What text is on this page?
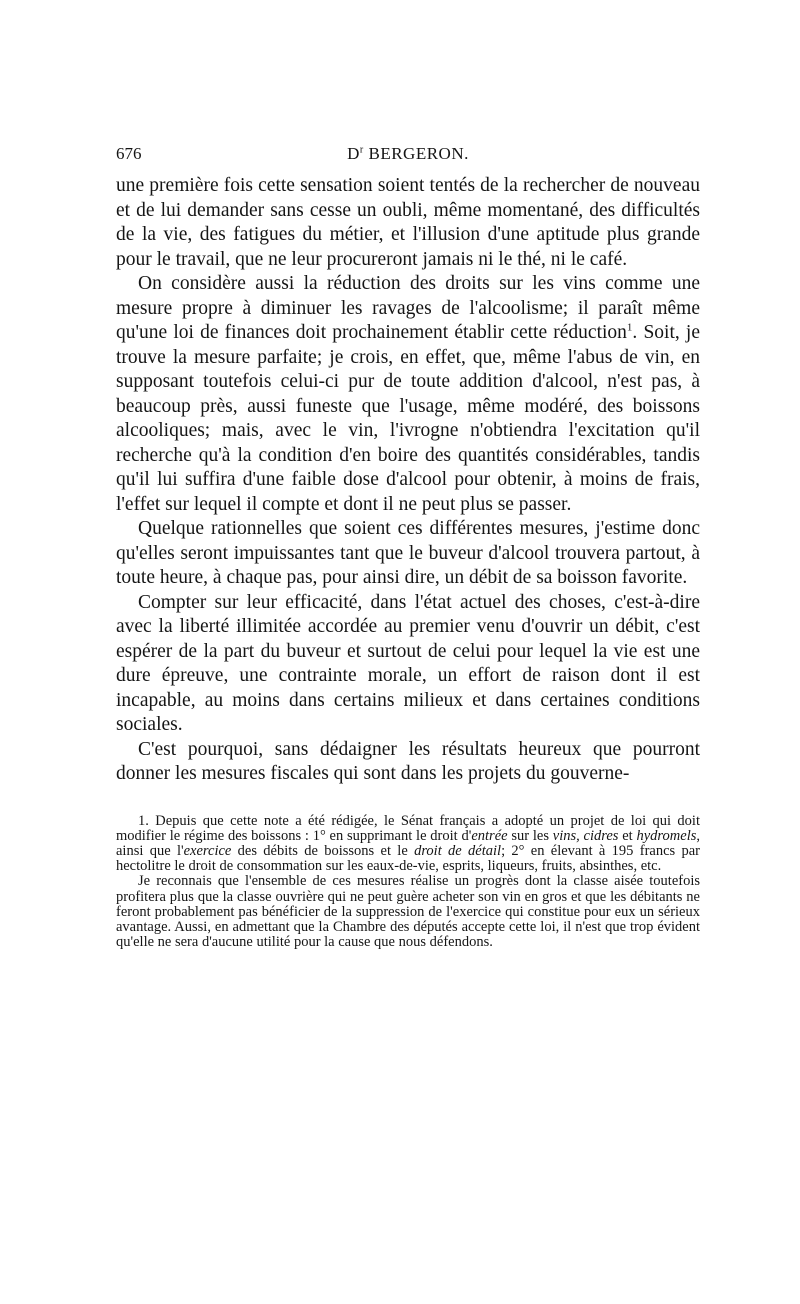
676	$D^r$ BERGERON.

une première fois cette sensation soient tentés de la rechercher de nouveau et de lui demander sans cesse un oubli, même momentané, des difficultés de la vie, des fatigues du métier, et l'illusion d'une aptitude plus grande pour le travail, que ne leur procureront jamais ni le thé, ni le café.

On considère aussi la réduction des droits sur les vins comme une mesure propre à diminuer les ravages de l'alcoolisme; il paraît même qu'une loi de finances doit prochainement établir cette réduction$^1$. Soit, je trouve la mesure parfaite; je crois, en effet, que, même l'abus de vin, en supposant toutefois celui-ci pur de toute addition d'alcool, n'est pas, à beaucoup près, aussi funeste que l'usage, même modéré, des boissons alcooliques; mais, avec le vin, l'ivrogne n'obtiendra l'excitation qu'il recherche qu'à la condition d'en boire des quantités considérables, tandis qu'il lui suffira d'une faible dose d'alcool pour obtenir, à moins de frais, l'effet sur lequel il compte et dont il ne peut plus se passer.

Quelque rationnelles que soient ces différentes mesures, j'estime donc qu'elles seront impuissantes tant que le buveur d'alcool trouvera partout, à toute heure, à chaque pas, pour ainsi dire, un débit de sa boisson favorite.

Compter sur leur efficacité, dans l'état actuel des choses, c'est-à-dire avec la liberté illimitée accordée au premier venu d'ouvrir un débit, c'est espérer de la part du buveur et surtout de celui pour lequel la vie est une dure épreuve, une contrainte morale, un effort de raison dont il est incapable, au moins dans certains milieux et dans certaines conditions sociales.

C'est pourquoi, sans dédaigner les résultats heureux que pourront donner les mesures fiscales qui sont dans les projets du gouverne-

1. Depuis que cette note a été rédigée, le Sénat français a adopté un projet de loi qui doit modifier le régime des boissons : 1° en supprimant le droit d'entrée sur les vins, cidres et hydromels, ainsi que l'exercice des débits de boissons et le droit de détail; 2° en élevant à 195 francs par hectolitre le droit de consommation sur les eaux-de-vie, esprits, liqueurs, fruits, absinthes, etc.

Je reconnais que l'ensemble de ces mesures réalise un progrès dont la classe aisée toutefois profitera plus que la classe ouvrière qui ne peut guère acheter son vin en gros et que les débitants ne feront probablement pas bénéficier de la suppression de l'exercice qui constitue pour eux un sérieux avantage. Aussi, en admettant que la Chambre des députés accepte cette loi, il n'est que trop évident qu'elle ne sera d'aucune utilité pour la cause que nous défendons.
